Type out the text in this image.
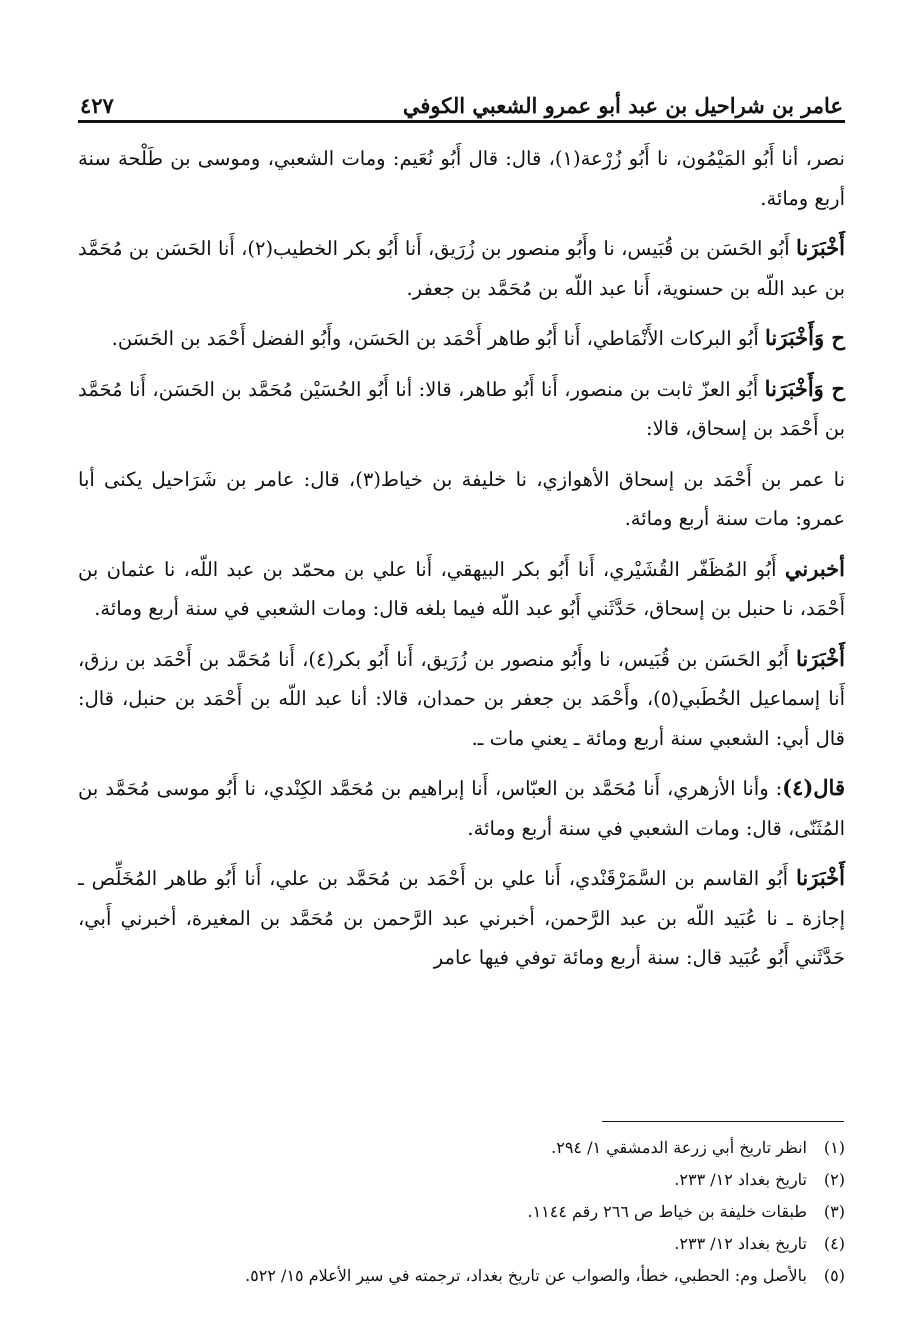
عامر بن شراحيل بن عبد أبو عمرو الشعبي الكوفي
٤٢٧

نصر، أنا أَبُو المَيْمُون، نا أَبُو زُرْعة(١)، قال: قال أَبُو نُعَيم: ومات الشعبي، وموسى بن طَلْحة سنة أربع ومائة.

أَخْبَرَنا أَبُو الحَسَن بن قُبَيس، نا وأَبُو منصور بن زُرَيق، أَنا أَبُو بكر الخطيب(٢)، أَنا الحَسَن بن مُحَمَّد بن عبد اللّه بن حسنوية، أَنا عبد اللّه بن مُحَمَّد بن جعفر.

ح وَأَخْبَرَنا أَبُو البركات الأَنْمَاطي، أَنا أَبُو طاهر أَحْمَد بن الحَسَن، وأَبُو الفضل أَحْمَد بن الحَسَن.

ح وَأَخْبَرَنا أَبُو العزّ ثابت بن منصور، أَنا أَبُو طاهر، قالا: أنا أَبُو الحُسَيْن مُحَمَّد بن الحَسَن، أَنا مُحَمَّد بن أَحْمَد بن إسحاق، قالا:

نا عمر بن أَحْمَد بن إسحاق الأهوازي، نا خليفة بن خياط(٣)، قال: عامر بن شَرَاحيل يكنى أبا عمرو: مات سنة أربع ومائة.

أخبرني أَبُو المُظَفّر القُشَيْري، أَنا أَبُو بكر البيهقي، أَنا علي بن محمّد بن عبد اللّه، نا عثمان بن أَحْمَد، نا حنبل بن إسحاق، حَدَّثَني أَبُو عبد اللّه فيما بلغه قال: ومات الشعبي في سنة أربع ومائة.

أَخْبَرَنا أَبُو الحَسَن بن قُبَيس، نا وأَبُو منصور بن زُرَيق، أَنا أَبُو بكر(٤)، أَنا مُحَمَّد بن أَحْمَد بن رزق، أَنا إسماعيل الخُطَبي(٥)، وأَحْمَد بن جعفر بن حمدان، قالا: أنا عبد اللّه بن أَحْمَد بن حنبل، قال: قال أبي: الشعبي سنة أربع ومائة ـ يعني مات ـ.

قال(٤): وأنا الأزهري، أَنا مُحَمَّد بن العبّاس، أَنا إبراهيم بن مُحَمَّد الكِنْدي، نا أَبُو موسى مُحَمَّد بن المُثَنّى، قال: ومات الشعبي في سنة أربع ومائة.

أَخْبَرَنا أَبُو القاسم بن السَّمَرْقَنْدي، أَنا علي بن أَحْمَد بن مُحَمَّد بن علي، أَنا أَبُو طاهر المُخَلِّص ـ إجازة ـ نا عُبَيد اللّه بن عبد الرَّحمن، أخبرني عبد الرَّحمن بن مُحَمَّد بن المغيرة، أخبرني أَبي، حَدَّثَني أَبُو عُبَيد قال: سنة أربع ومائة توفي فيها عامر

(١)
انظر تاريخ أبي زرعة الدمشقي ١/ ٢٩٤.
(٢)
تاريخ بغداد ١٢/ ٢٣٣.
(٣)
طبقات خليفة بن خياط ص ٢٦٦ رقم ١١٤٤.
(٤)
تاريخ بغداد ١٢/ ٢٣٣.
(٥)
بالأصل وم: الحطبي، خطأ، والصواب عن تاريخ بغداد، ترجمته في سير الأعلام ١٥/ ٥٢٢.
